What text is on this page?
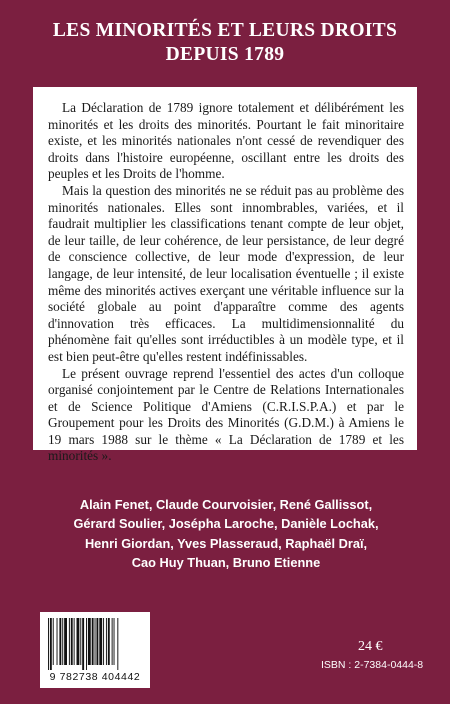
LES MINORITÉS ET LEURS DROITS
DEPUIS 1789

La Déclaration de 1789 ignore totalement et délibérément les minorités et les droits des minorités. Pourtant le fait minoritaire existe, et les minorités nationales n'ont cessé de revendiquer des droits dans l'histoire européenne, oscillant entre les droits des peuples et les Droits de l'homme.

Mais la question des minorités ne se réduit pas au problème des minorités nationales. Elles sont innombrables, variées, et il faudrait multiplier les classifications tenant compte de leur objet, de leur taille, de leur cohérence, de leur persistance, de leur degré de conscience collective, de leur mode d'expression, de leur langage, de leur intensité, de leur localisation éventuelle ; il existe même des minorités actives exerçant une véritable influence sur la société globale au point d'apparaître comme des agents d'innovation très efficaces. La multidimensionnalité du phénomène fait qu'elles sont irréductibles à un modèle type, et il est bien peut-être qu'elles restent indéfinissables.

Le présent ouvrage reprend l'essentiel des actes d'un colloque organisé conjointement par le Centre de Relations Internationales et de Science Politique d'Amiens (C.R.I.S.P.A.) et par le Groupement pour les Droits des Minorités (G.D.M.) à Amiens le 19 mars 1988 sur le thème « La Déclaration de 1789 et les minorités ».

Alain Fenet, Claude Courvoisier, René Gallissot,
Gérard Soulier, Josépha Laroche, Danièle Lochak,
Henri Giordan, Yves Plasseraud, Raphaël Draï,
Cao Huy Thuan, Bruno Etienne
9 782738 404442
24 €
ISBN : 2-7384-0444-8
